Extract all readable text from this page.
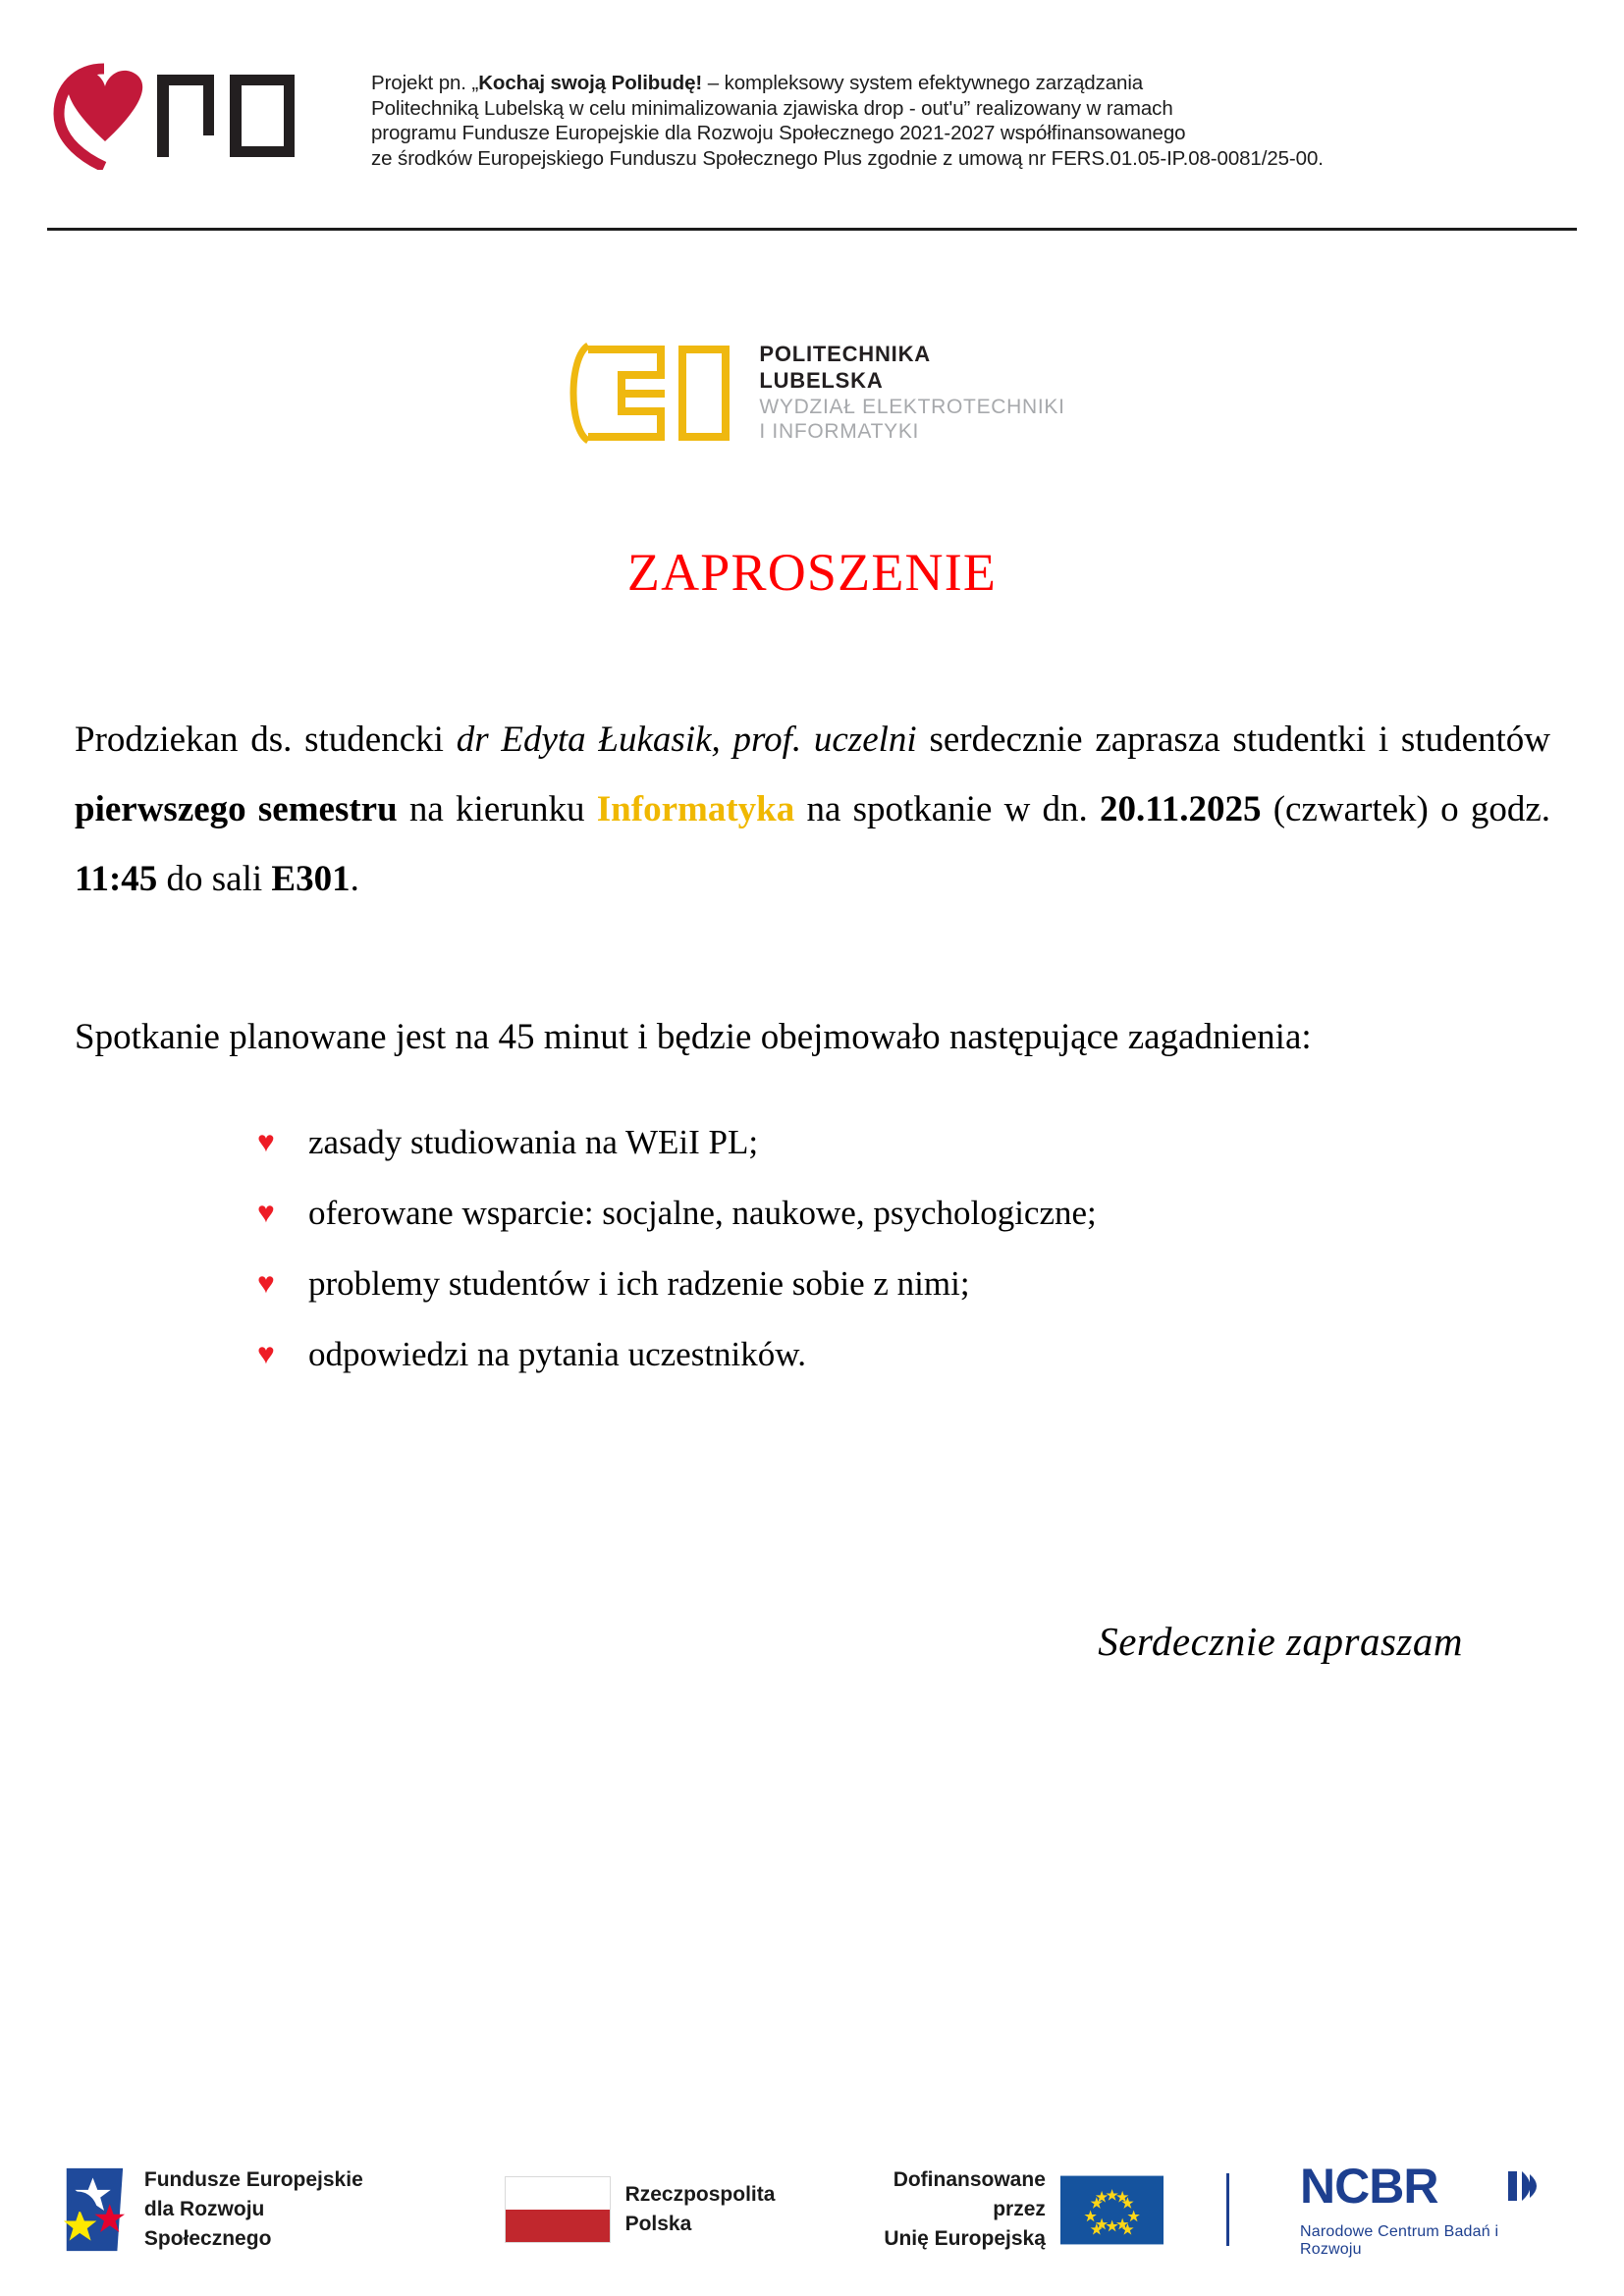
Projekt pn. „Kochaj swoją Polibudę! – kompleksowy system efektywnego zarządzania
Politechniką Lubelską w celu minimalizowania zjawiska drop - out'u” realizowany w ramach
programu Fundusze Europejskie dla Rozwoju Społecznego 2021-2027 współfinansowanego
ze środków Europejskiego Funduszu Społecznego Plus zgodnie z umową nr FERS.01.05-IP.08-0081/25-00.
POLITECHNIKA
LUBELSKA
WYDZIAŁ ELEKTROTECHNIKI
I INFORMATYKI
ZAPROSZENIE

Prodziekan ds. studencki dr Edyta Łukasik, prof. uczelni serdecznie zaprasza studentki i studentów pierwszego semestru na kierunku Informatyka na spotkanie w dn. 20.11.2025 (czwartek) o godz. 11:45 do sali E301.

Spotkanie planowane jest na 45 minut i będzie obejmowało następujące zagadnienia:

♥ zasady studiowania na WEiI PL;
♥ oferowane wsparcie: socjalne, naukowe, psychologiczne;
♥ problemy studentów i ich radzenie sobie z nimi;
♥ odpowiedzi na pytania uczestników.
Serdecznie zapraszam
Fundusze Europejskie
dla Rozwoju Społecznego
Rzeczpospolita
Polska
Dofinansowane przez
Unię Europejską
NCBR
Narodowe Centrum Badań i Rozwoju
